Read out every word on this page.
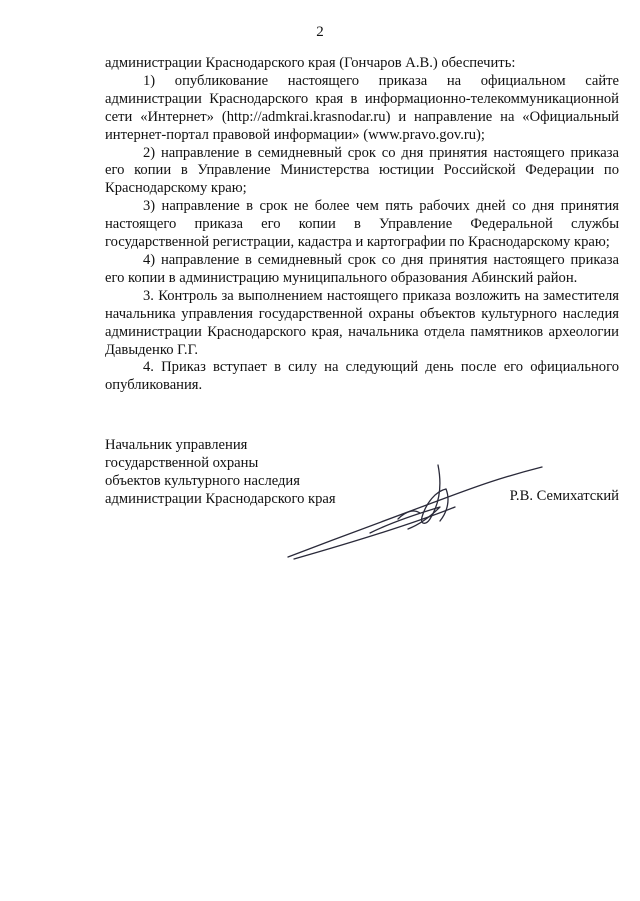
2

администрации Краснодарского края (Гончаров А.В.) обеспечить:

1) опубликование настоящего приказа на официальном сайте администрации Краснодарского края в информационно-телекоммуникационной сети «Интернет» (http://admkrai.krasnodar.ru) и направление на «Официальный интернет-портал правовой информации» (www.pravo.gov.ru);

2) направление в семидневный срок со дня принятия настоящего приказа его копии в Управление Министерства юстиции Российской Федерации по Краснодарскому краю;

3) направление в срок не более чем пять рабочих дней со дня принятия настоящего приказа его копии в Управление Федеральной службы государственной регистрации, кадастра и картографии по Краснодарскому краю;

4) направление в семидневный срок со дня принятия настоящего приказа его копии в администрацию муниципального образования Абинский район.

3. Контроль за выполнением настоящего приказа возложить на заместителя начальника управления государственной охраны объектов культурного наследия администрации Краснодарского края, начальника отдела памятников археологии Давыденко Г.Г.

4. Приказ вступает в силу на следующий день после его официального опубликования.

Начальник управления
государственной охраны
объектов культурного наследия
администрации Краснодарского края	Р.В. Семихатский
